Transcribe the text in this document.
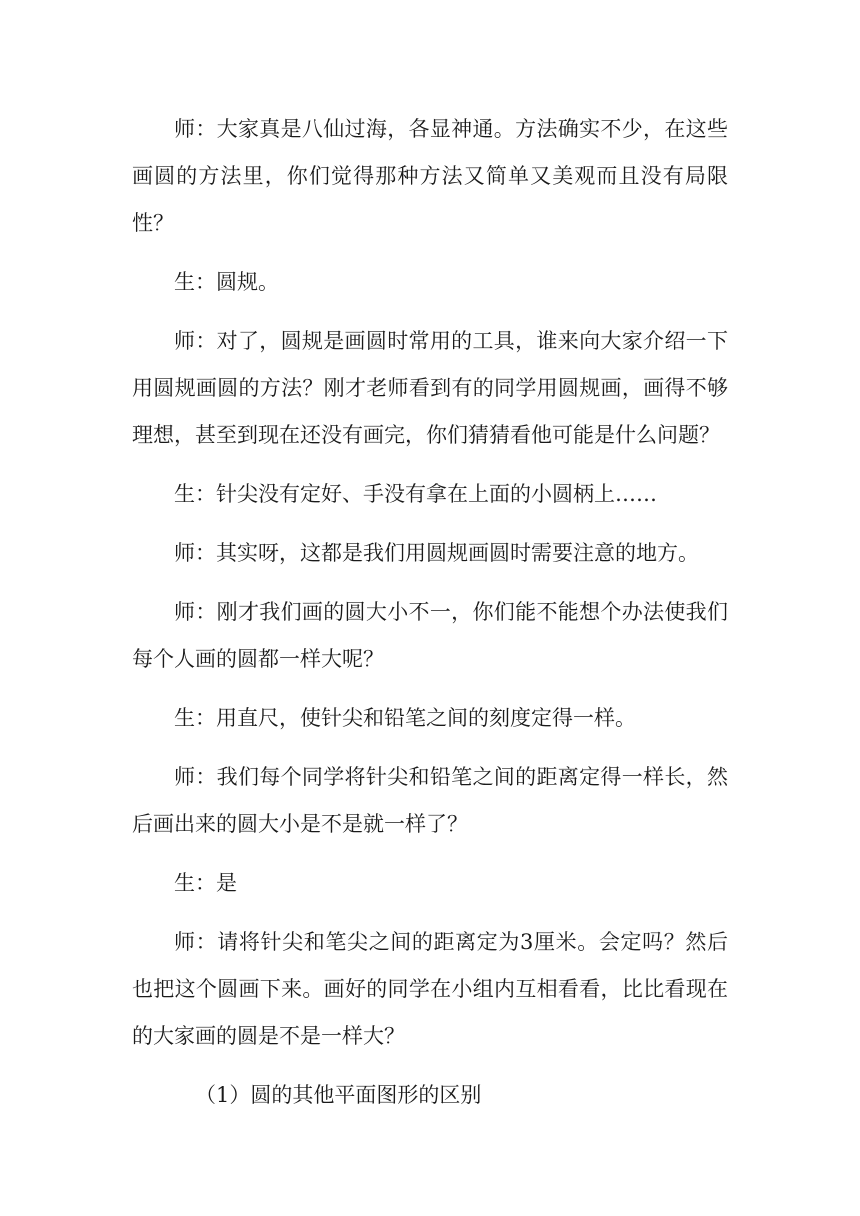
师：大家真是八仙过海，各显神通。方法确实不少，在这些画圆的方法里，你们觉得那种方法又简单又美观而且没有局限性？

生：圆规。

师：对了，圆规是画圆时常用的工具，谁来向大家介绍一下用圆规画圆的方法？刚才老师看到有的同学用圆规画，画得不够理想，甚至到现在还没有画完，你们猜猜看他可能是什么问题？

生：针尖没有定好、手没有拿在上面的小圆柄上……

师：其实呀，这都是我们用圆规画圆时需要注意的地方。

师：刚才我们画的圆大小不一，你们能不能想个办法使我们每个人画的圆都一样大呢？

生：用直尺，使针尖和铅笔之间的刻度定得一样。

师：我们每个同学将针尖和铅笔之间的距离定得一样长，然后画出来的圆大小是不是就一样了？

生：是

师：请将针尖和笔尖之间的距离定为3厘米。会定吗？然后也把这个圆画下来。画好的同学在小组内互相看看，比比看现在的大家画的圆是不是一样大？

（1）圆的其他平面图形的区别
